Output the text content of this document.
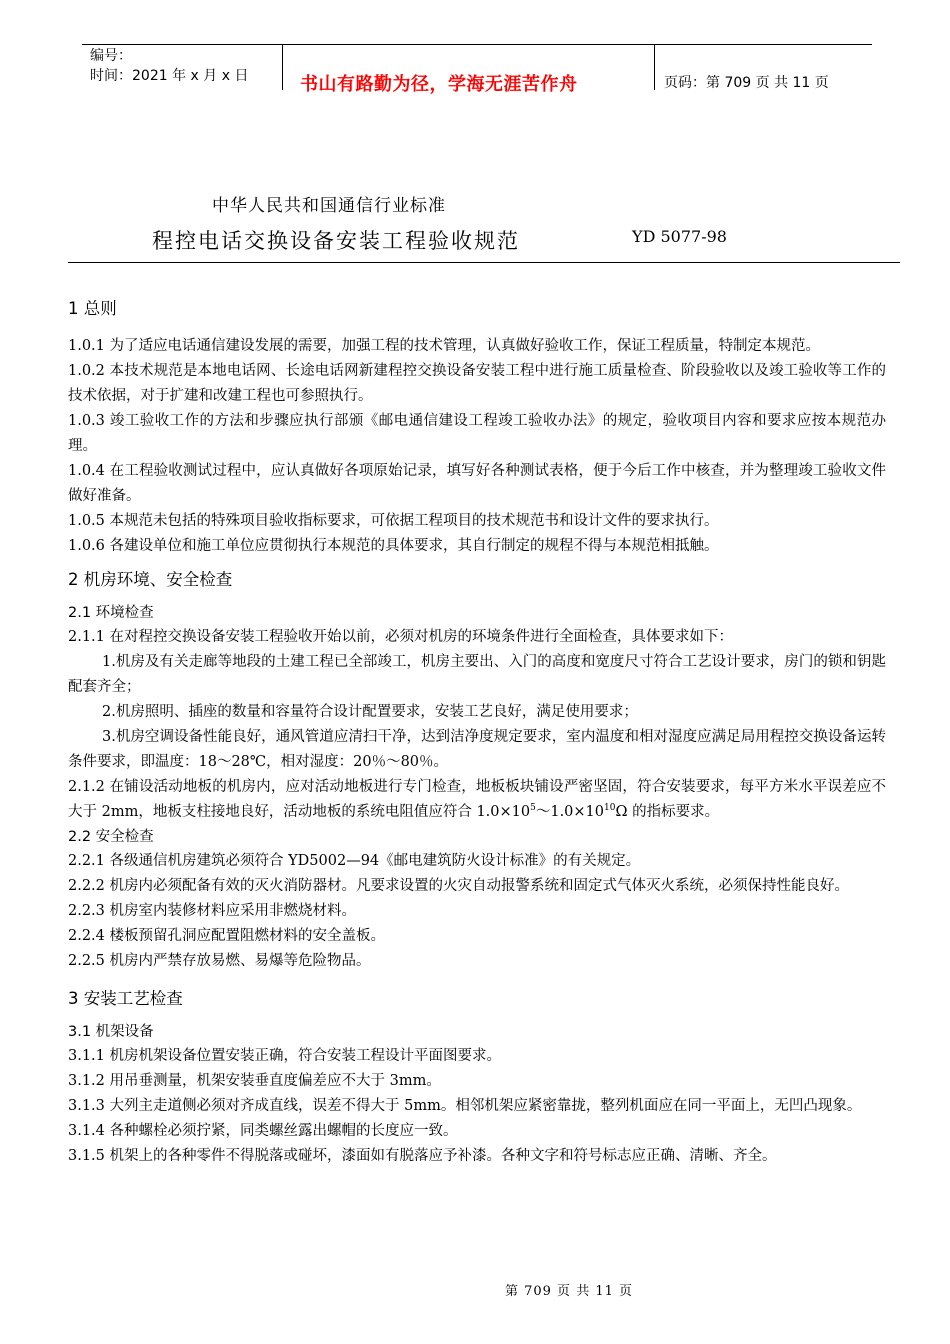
编号：
时间：2021 年 x 月 x 日	书山有路勤为径，学海无涯苦作舟	页码：第 709 页 共 11 页
中华人民共和国通信行业标准
程控电话交换设备安装工程验收规范	YD 5077-98

1 总则

1.0.1 为了适应电话通信建设发展的需要，加强工程的技术管理，认真做好验收工作，保证工程质量，特制定本规范。

1.0.2 本技术规范是本地电话网、长途电话网新建程控交换设备安装工程中进行施工质量检查、阶段验收以及竣工验收等工作的技术依据，对于扩建和改建工程也可参照执行。

1.0.3 竣工验收工作的方法和步骤应执行部颁《邮电通信建设工程竣工验收办法》的规定，验收项目内容和要求应按本规范办理。

1.0.4 在工程验收测试过程中，应认真做好各项原始记录，填写好各种测试表格，便于今后工作中核查，并为整理竣工验收文件做好准备。

1.0.5 本规范未包括的特殊项目验收指标要求，可依据工程项目的技术规范书和设计文件的要求执行。

1.0.6 各建设单位和施工单位应贯彻执行本规范的具体要求，其自行制定的规程不得与本规范相抵触。

2 机房环境、安全检查

2.1 环境检查

2.1.1 在对程控交换设备安装工程验收开始以前，必须对机房的环境条件进行全面检查，具体要求如下：

1.机房及有关走廊等地段的土建工程已全部竣工，机房主要出、入门的高度和宽度尺寸符合工艺设计要求，房门的锁和钥匙配套齐全；

2.机房照明、插座的数量和容量符合设计配置要求，安装工艺良好，满足使用要求；

3.机房空调设备性能良好，通风管道应清扫干净，达到洁净度规定要求，室内温度和相对湿度应满足局用程控交换设备运转条件要求，即温度：18～28℃，相对湿度：20％～80％。

2.1.2 在铺设活动地板的机房内，应对活动地板进行专门检查，地板板块铺设严密坚固，符合安装要求，每平方米水平误差应不大于 2mm，地板支柱接地良好，活动地板的系统电阻值应符合 $1.0\times 10^5\sim 1.0\times 10^{10}\Omega$ 的指标要求。

2.2 安全检查

2.2.1 各级通信机房建筑必须符合 YD5002—94《邮电建筑防火设计标准》的有关规定。

2.2.2 机房内必须配备有效的灭火消防器材。凡要求设置的火灾自动报警系统和固定式气体灭火系统，必须保持性能良好。

2.2.3 机房室内装修材料应采用非燃烧材料。

2.2.4 楼板预留孔洞应配置阻燃材料的安全盖板。

2.2.5 机房内严禁存放易燃、易爆等危险物品。

3 安装工艺检查

3.1 机架设备

3.1.1 机房机架设备位置安装正确，符合安装工程设计平面图要求。

3.1.2 用吊垂测量，机架安装垂直度偏差应不大于 3mm。

3.1.3 大列主走道侧必须对齐成直线，误差不得大于 5mm。相邻机架应紧密靠拢，整列机面应在同一平面上，无凹凸现象。

3.1.4 各种螺栓必须拧紧，同类螺丝露出螺帽的长度应一致。

3.1.5 机架上的各种零件不得脱落或碰坏，漆面如有脱落应予补漆。各种文字和符号标志应正确、清晰、齐全。

第 709 页 共 11 页
